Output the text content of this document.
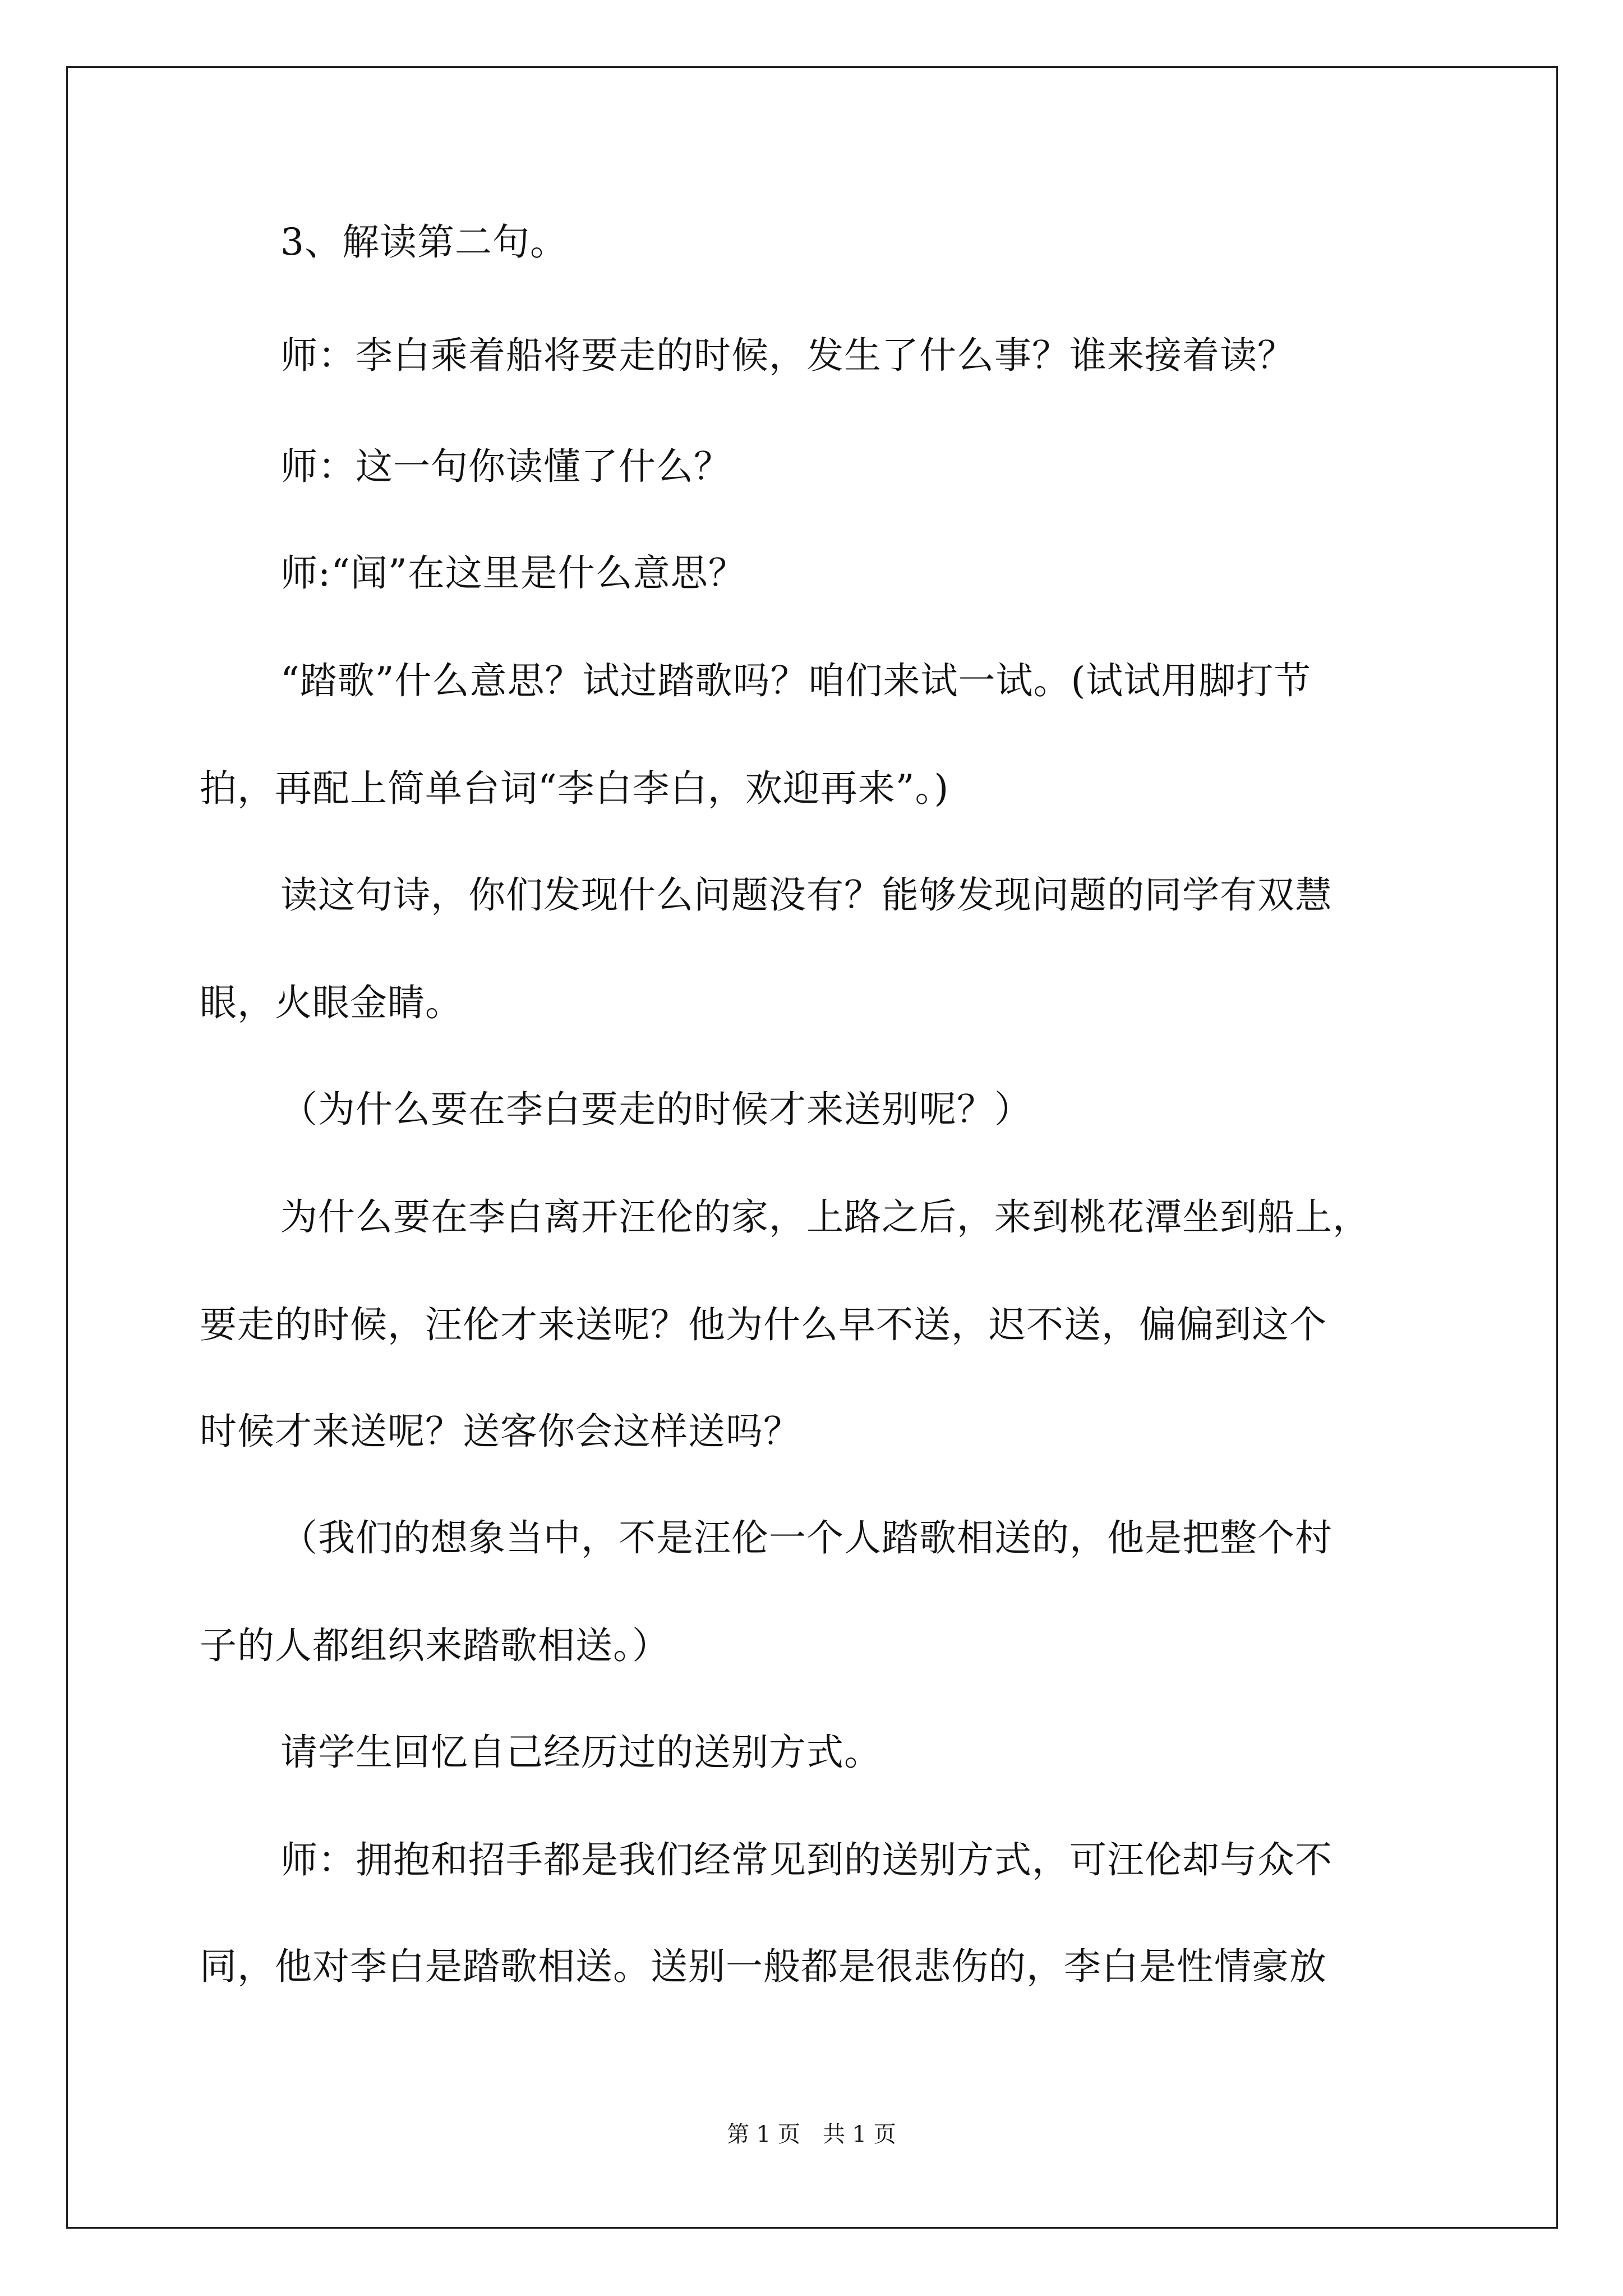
3、解读第二句。
师：李白乘着船将要走的时候，发生了什么事？谁来接着读？
师：这一句你读懂了什么？
师:“闻”在这里是什么意思？
“踏歌”什么意思？试过踏歌吗？咱们来试一试。(试试用脚打节
拍，再配上简单台词“李白李白，欢迎再来”。)
读这句诗，你们发现什么问题没有？能够发现问题的同学有双慧
眼，火眼金睛。
（为什么要在李白要走的时候才来送别呢？）
为什么要在李白离开汪伦的家，上路之后，来到桃花潭坐到船上，
要走的时候，汪伦才来送呢？他为什么早不送，迟不送，偏偏到这个
时候才来送呢？送客你会这样送吗？
（我们的想象当中，不是汪伦一个人踏歌相送的，他是把整个村
子的人都组织来踏歌相送。）
请学生回忆自己经历过的送别方式。
师：拥抱和招手都是我们经常见到的送别方式，可汪伦却与众不
同，他对李白是踏歌相送。送别一般都是很悲伤的，李白是性情豪放
第 1 页　共 1 页
